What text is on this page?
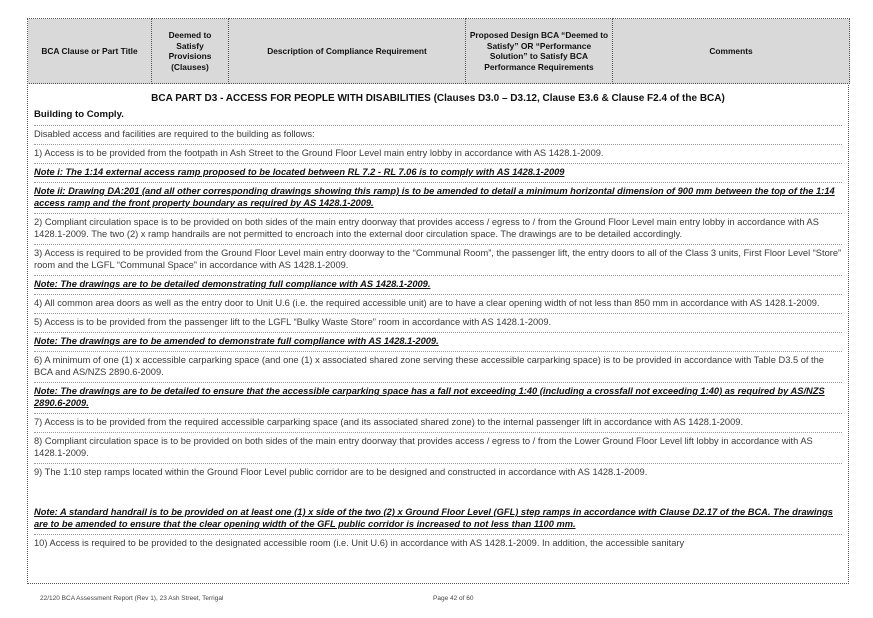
BCA Clause or Part Title	Deemed to Satisfy Provisions (Clauses)	Description of Compliance Requirement	Proposed Design BCA “Deemed to Satisfy” OR “Performance Solution” to Satisfy BCA Performance Requirements	Comments
BCA PART D3 - ACCESS FOR PEOPLE WITH DISABILITIES (Clauses D3.0 – D3.12, Clause E3.6 & Clause F2.4 of the BCA)
Building to Comply.
Disabled access and facilities are required to the building as follows:
1) Access is to be provided from the footpath in Ash Street to the Ground Floor Level main entry lobby in accordance with AS 1428.1-2009.
Note i: The 1:14 external access ramp proposed to be located between RL 7.2 - RL 7.06 is to comply with AS 1428.1-2009
Note ii: Drawing DA:201 (and all other corresponding drawings showing this ramp) is to be amended to detail a minimum horizontal dimension of 900 mm between the top of the 1:14 access ramp and the front property boundary as required by AS 1428.1-2009.
2) Compliant circulation space is to be provided on both sides of the main entry doorway that provides access / egress to / from the Ground Floor Level main entry lobby in accordance with AS 1428.1-2009. The two (2) x ramp handrails are not permitted to encroach into the external door circulation space. The drawings are to be detailed accordingly.
3) Access is required to be provided from the Ground Floor Level main entry doorway to the “Communal Room”, the passenger lift, the entry doors to all of the Class 3 units, First Floor Level “Store” room and the LGFL “Communal Space” in accordance with AS 1428.1-2009.
Note: The drawings are to be detailed demonstrating full compliance with AS 1428.1-2009.
4) All common area doors as well as the entry door to Unit U.6 (i.e. the required accessible unit) are to have a clear opening width of not less than 850 mm in accordance with AS 1428.1-2009.
5) Access is to be provided from the passenger lift to the LGFL “Bulky Waste Store” room in accordance with AS 1428.1-2009.
Note: The drawings are to be amended to demonstrate full compliance with AS 1428.1-2009.
6) A minimum of one (1) x accessible carparking space (and one (1) x associated shared zone serving these accessible carparking space) is to be provided in accordance with Table D3.5 of the BCA and AS/NZS 2890.6-2009.
Note: The drawings are to be detailed to ensure that the accessible carparking space has a fall not exceeding 1:40 (including a crossfall not exceeding 1:40) as required by AS/NZS 2890.6-2009.
7) Access is to be provided from the required accessible carparking space (and its associated shared zone) to the internal passenger lift in accordance with AS 1428.1-2009.
8) Compliant circulation space is to be provided on both sides of the main entry doorway that provides access / egress to / from the Lower Ground Floor Level lift lobby in accordance with AS 1428.1-2009.
9) The 1:10 step ramps located within the Ground Floor Level public corridor are to be designed and constructed in accordance with AS 1428.1-2009.
Note: A standard handrail is to be provided on at least one (1) x side of the two (2) x Ground Floor Level (GFL) step ramps in accordance with Clause D2.17 of the BCA. The drawings are to be amended to ensure that the clear opening width of the GFL public corridor is increased to not less than 1100 mm.
10) Access is required to be provided to the designated accessible room (i.e. Unit U.6) in accordance with AS 1428.1-2009. In addition, the accessible sanitary
22/120 BCA Assessment Report (Rev 1), 23 Ash Street, Terrigal	Page 42 of 60
